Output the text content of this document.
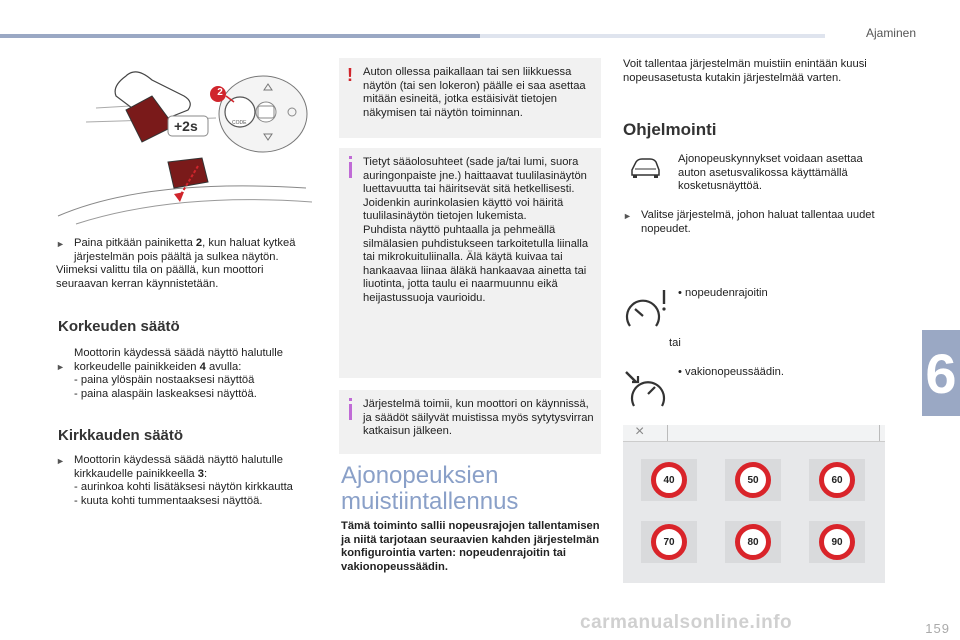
Ajaminen
6
159
carmanualsonline.info
+2s
2
CODE
► Paina pitkään painiketta 2, kun haluat kytkeä järjestelmän pois päältä ja sulkea näytön.
Viimeksi valittu tila on päällä, kun moottori seuraavan kerran käynnistetään.
Korkeuden säätö
►
Moottorin käydessä säädä näyttö halutulle korkeudelle painikkeiden 4 avulla:
- paina ylöspäin nostaaksesi näyttöä
- paina alaspäin laskeaksesi näyttöä.
Kirkkauden säätö
► Moottorin käydessä säädä näyttö halutulle kirkkaudelle painikkeella 3:
- aurinkoa kohti lisätäksesi näytön kirkkautta
- kuuta kohti tummentaaksesi näyttöä.
! Auton ollessa paikallaan tai sen liikkuessa näytön (tai sen lokeron) päälle ei saa asettaa mitään esineitä, jotka estäisivät tietojen näkymisen tai näytön toiminnan.
Tietyt sääolosuhteet (sade ja/tai lumi, suora auringonpaiste jne.) haittaavat tuulilasinäytön luettavuutta tai häiritsevät sitä hetkellisesti.
Joidenkin aurinkolasien käyttö voi häiritä tuulilasinäytön tietojen lukemista.
Puhdista näyttö puhtaalla ja pehmeällä silmälasien puhdistukseen tarkoitetulla liinalla tai mikrokuituliinalla. Älä käytä kuivaa tai hankaavaa liinaa äläkä hankaavaa ainetta tai liuotinta, jotta taulu ei naarmuunnu eikä heijastussuoja vaurioidu.
Järjestelmä toimii, kun moottori on käynnissä, ja säädöt säilyvät muistissa myös sytytysvirran katkaisun jälkeen.
Ajonopeuksien
muistiintallennus
Tämä toiminto sallii nopeusrajojen tallentamisen ja niitä tarjotaan seuraavien kahden järjestelmän konfigurointia varten: nopeudenrajoitin tai vakionopeussäädin.
Voit tallentaa järjestelmän muistiin enintään kuusi nopeusasetusta kutakin järjestelmää varten.
Ohjelmointi
Ajonopeuskynnykset voidaan asettaa auton asetusvalikossa käyttämällä kosketusnäyttöä.
► Valitse järjestelmä, johon haluat tallentaa uudet nopeudet.
• nopeudenrajoitin
tai
• vakionopeussäädin.
×
40	50	60
70	80	90
